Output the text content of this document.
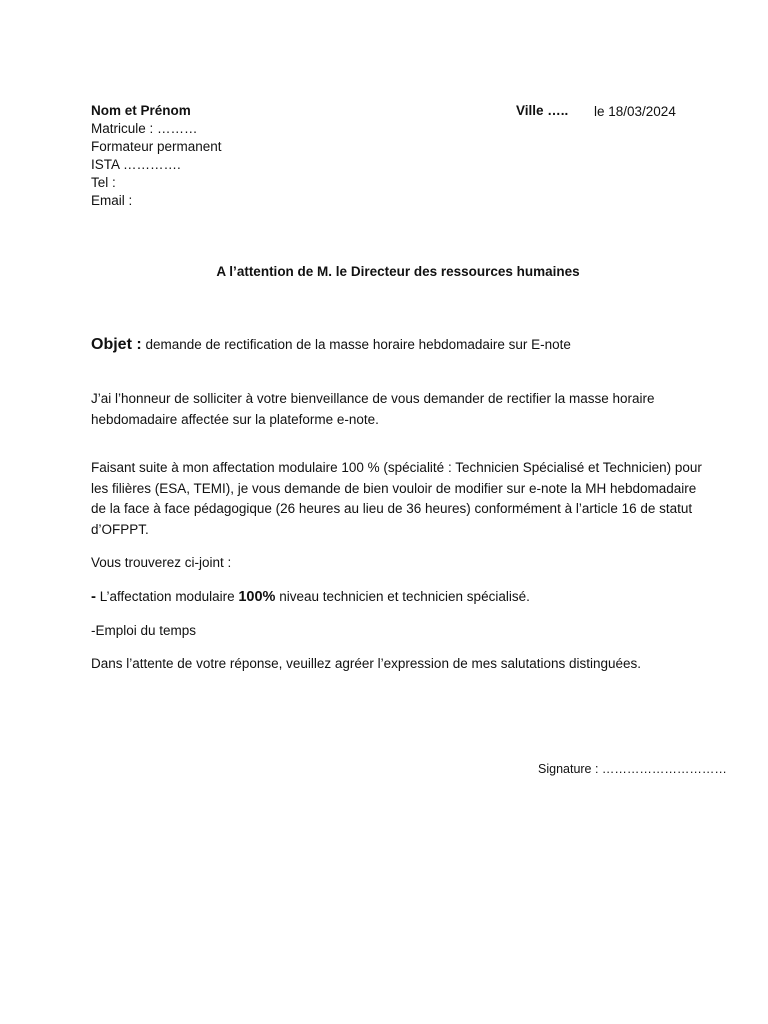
Nom et Prénom
Matricule : ………
Formateur permanent
ISTA ………….
Tel :
Email :
Ville ….. le 18/03/2024
A l’attention de M. le Directeur des ressources humaines
Objet : demande de rectification de la masse horaire hebdomadaire sur E-note
J’ai l’honneur de solliciter à votre bienveillance de vous demander de rectifier la masse horaire hebdomadaire affectée sur la plateforme e-note.
Faisant suite à mon affectation modulaire 100 % (spécialité : Technicien Spécialisé et Technicien) pour les filières (ESA, TEMI), je vous demande de bien vouloir de modifier sur e-note la MH hebdomadaire de la face à face pédagogique (26 heures au lieu de 36 heures) conformément à l’article 16 de statut d’OFPPT.
Vous trouverez ci-joint :
- L’affectation modulaire 100% niveau technicien et technicien spécialisé.
-Emploi du temps
Dans l’attente de votre réponse, veuillez agréer l’expression de mes salutations distinguées.
Signature : …………………………
